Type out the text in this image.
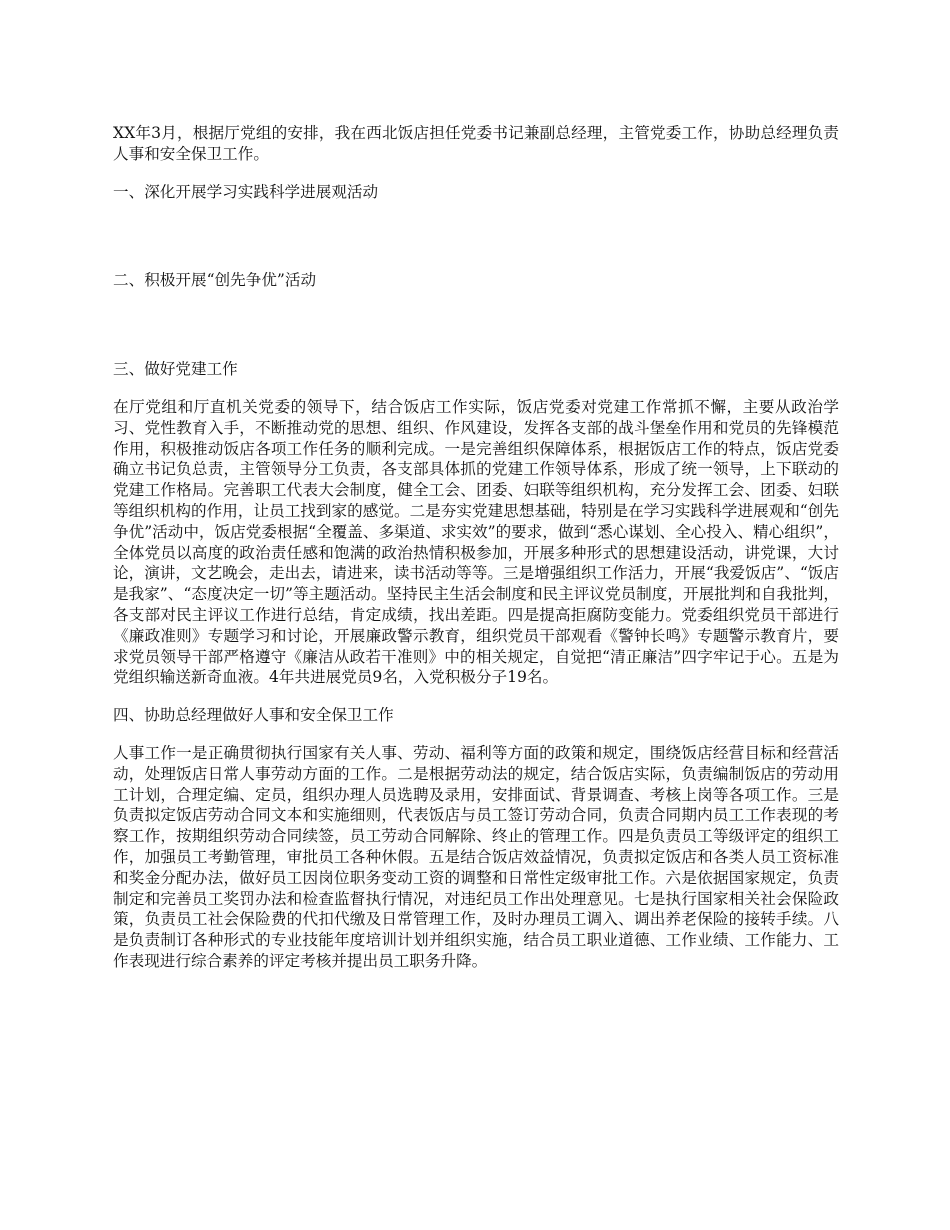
XX年3月，根据厅党组的安排，我在西北饭店担任党委书记兼副总经理，主管党委工作，协助总经理负责人事和安全保卫工作。

一、深化开展学习实践科学进展观活动

二、积极开展“创先争优”活动

三、做好党建工作

在厅党组和厅直机关党委的领导下，结合饭店工作实际，饭店党委对党建工作常抓不懈，主要从政治学习、党性教育入手，不断推动党的思想、组织、作风建设，发挥各支部的战斗堡垒作用和党员的先锋模范作用，积极推动饭店各项工作任务的顺利完成。一是完善组织保障体系，根据饭店工作的特点，饭店党委确立书记负总责，主管领导分工负责，各支部具体抓的党建工作领导体系，形成了统一领导，上下联动的党建工作格局。完善职工代表大会制度，健全工会、团委、妇联等组织机构，充分发挥工会、团委、妇联等组织机构的作用，让员工找到家的感觉。二是夯实党建思想基础，特别是在学习实践科学进展观和“创先争优”活动中，饭店党委根据“全覆盖、多渠道、求实效”的要求，做到“悉心谋划、全心投入、精心组织”，全体党员以高度的政治责任感和饱满的政治热情积极参加，开展多种形式的思想建设活动，讲党课，大讨论，演讲，文艺晚会，走出去，请进来，读书活动等等。三是增强组织工作活力，开展“我爱饭店”、“饭店是我家”、“态度决定一切”等主题活动。坚持民主生活会制度和民主评议党员制度，开展批判和自我批判，各支部对民主评议工作进行总结，肯定成绩，找出差距。四是提高拒腐防变能力。党委组织党员干部进行《廉政准则》专题学习和讨论，开展廉政警示教育，组织党员干部观看《警钟长鸣》专题警示教育片，要求党员领导干部严格遵守《廉洁从政若干准则》中的相关规定，自觉把“清正廉洁”四字牢记于心。五是为党组织输送新奇血液。4年共进展党员9名，入党积极分子19名。

四、协助总经理做好人事和安全保卫工作

人事工作一是正确贯彻执行国家有关人事、劳动、福利等方面的政策和规定，围绕饭店经营目标和经营活动，处理饭店日常人事劳动方面的工作。二是根据劳动法的规定，结合饭店实际，负责编制饭店的劳动用工计划，合理定编、定员，组织办理人员选聘及录用，安排面试、背景调查、考核上岗等各项工作。三是负责拟定饭店劳动合同文本和实施细则，代表饭店与员工签订劳动合同，负责合同期内员工工作表现的考察工作，按期组织劳动合同续签，员工劳动合同解除、终止的管理工作。四是负责员工等级评定的组织工作，加强员工考勤管理，审批员工各种休假。五是结合饭店效益情况，负责拟定饭店和各类人员工资标准和奖金分配办法，做好员工因岗位职务变动工资的调整和日常性定级审批工作。六是依据国家规定，负责制定和完善员工奖罚办法和检查监督执行情况，对违纪员工作出处理意见。七是执行国家相关社会保险政策，负责员工社会保险费的代扣代缴及日常管理工作，及时办理员工调入、调出养老保险的接转手续。八是负责制订各种形式的专业技能年度培训计划并组织实施，结合员工职业道德、工作业绩、工作能力、工作表现进行综合素养的评定考核并提出员工职务升降。
